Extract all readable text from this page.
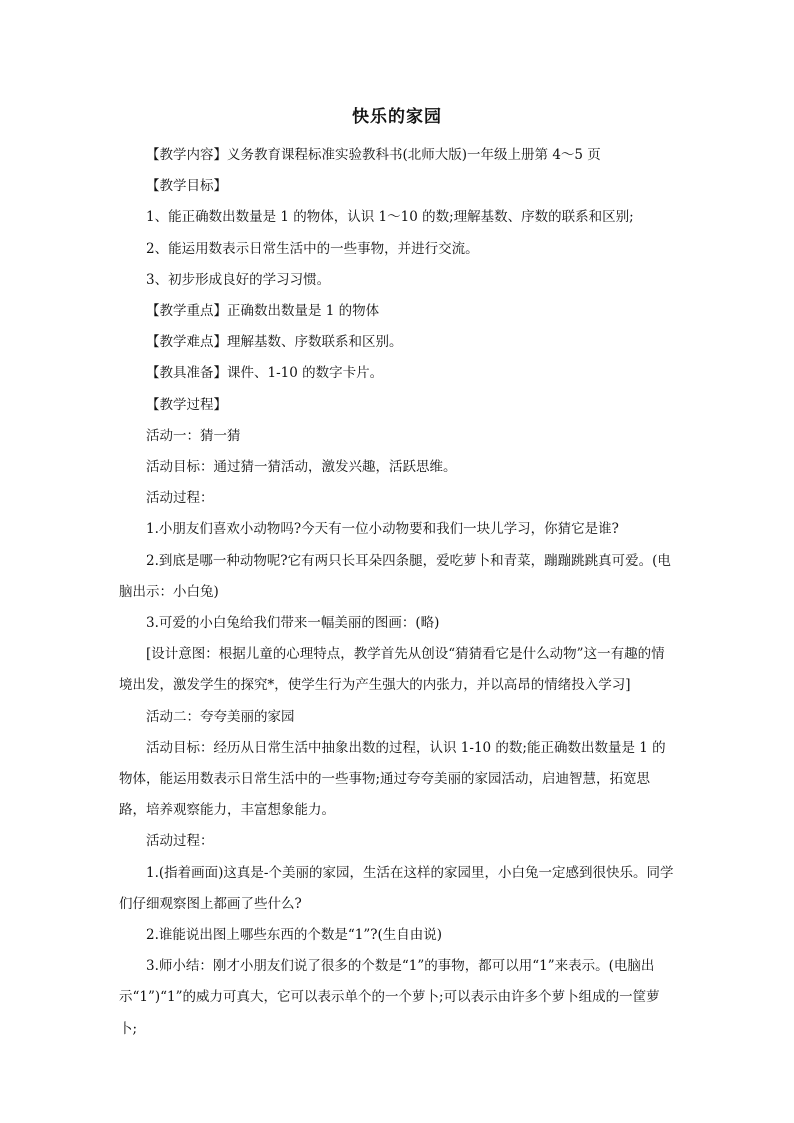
快乐的家园

【教学内容】义务教育课程标准实验教科书(北师大版)一年级上册第 4～5 页

【教学目标】

1、能正确数出数量是 1 的物体，认识 1～10 的数;理解基数、序数的联系和区别;

2、能运用数表示日常生活中的一些事物，并进行交流。

3、初步形成良好的学习习惯。

【教学重点】正确数出数量是 1 的物体

【教学难点】理解基数、序数联系和区别。

【教具准备】课件、1-10 的数字卡片。

【教学过程】

活动一：猜一猜

活动目标：通过猜一猜活动，激发兴趣，活跃思维。

活动过程：

1.小朋友们喜欢小动物吗?今天有一位小动物要和我们一块儿学习，你猜它是谁?

2.到底是哪一种动物呢?它有两只长耳朵四条腿，爱吃萝卜和青菜，蹦蹦跳跳真可爱。(电脑出示：小白兔)

3.可爱的小白兔给我们带来一幅美丽的图画：(略)

[设计意图：根据儿童的心理特点，教学首先从创设“猜猜看它是什么动物”这一有趣的情境出发，激发学生的探究*，使学生行为产生强大的内张力，并以高昂的情绪投入学习]

活动二：夸夸美丽的家园

活动目标：经历从日常生活中抽象出数的过程，认识 1-10 的数;能正确数出数量是 1 的物体，能运用数表示日常生活中的一些事物;通过夸夸美丽的家园活动，启迪智慧，拓宽思路，培养观察能力，丰富想象能力。

活动过程：

1.(指着画面)这真是-个美丽的家园，生活在这样的家园里，小白兔一定感到很快乐。同学们仔细观察图上都画了些什么?

2.谁能说出图上哪些东西的个数是“1”?(生自由说)

3.师小结：刚才小朋友们说了很多的个数是“1”的事物，都可以用“1”来表示。(电脑出示“1”)“1”的威力可真大，它可以表示单个的一个萝卜;可以表示由许多个萝卜组成的一筐萝卜;
